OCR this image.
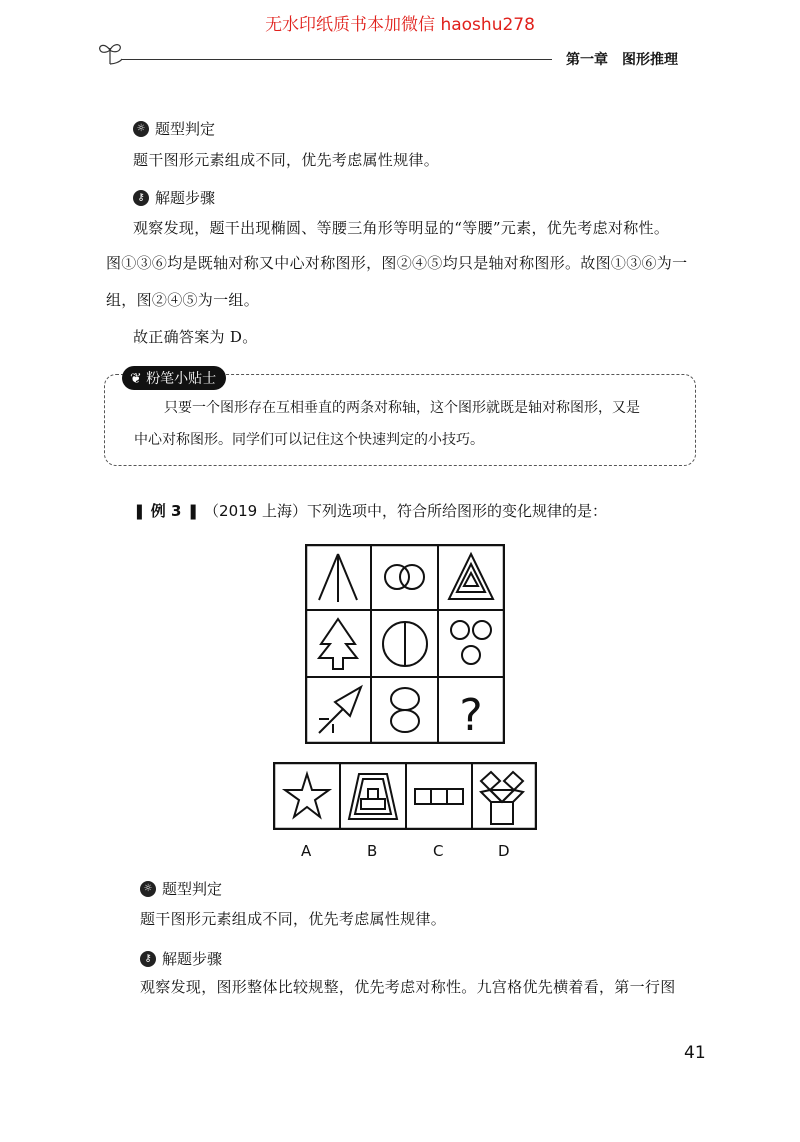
无水印纸质书本加微信 haoshu278
第一章　图形推理
☼ 题型判定
题干图形元素组成不同，优先考虑属性规律。
⚷ 解题步骤
观察发现，题干出现椭圆、等腰三角形等明显的“等腰”元素，优先考虑对称性。
图①③⑥均是既轴对称又中心对称图形，图②④⑤均只是轴对称图形。故图①③⑥为一
组，图②④⑤为一组。
故正确答案为 D。
❦ 粉笔小贴士
只要一个图形存在互相垂直的两条对称轴，这个图形就既是轴对称图形，又是
中心对称图形。同学们可以记住这个快速判定的小技巧。
❚ 例 3 ❚ （2019 上海）下列选项中，符合所给图形的变化规律的是：
?
A	B	C	D
☼ 题型判定
题干图形元素组成不同，优先考虑属性规律。
⚷ 解题步骤
观察发现，图形整体比较规整，优先考虑对称性。九宫格优先横着看，第一行图
41
